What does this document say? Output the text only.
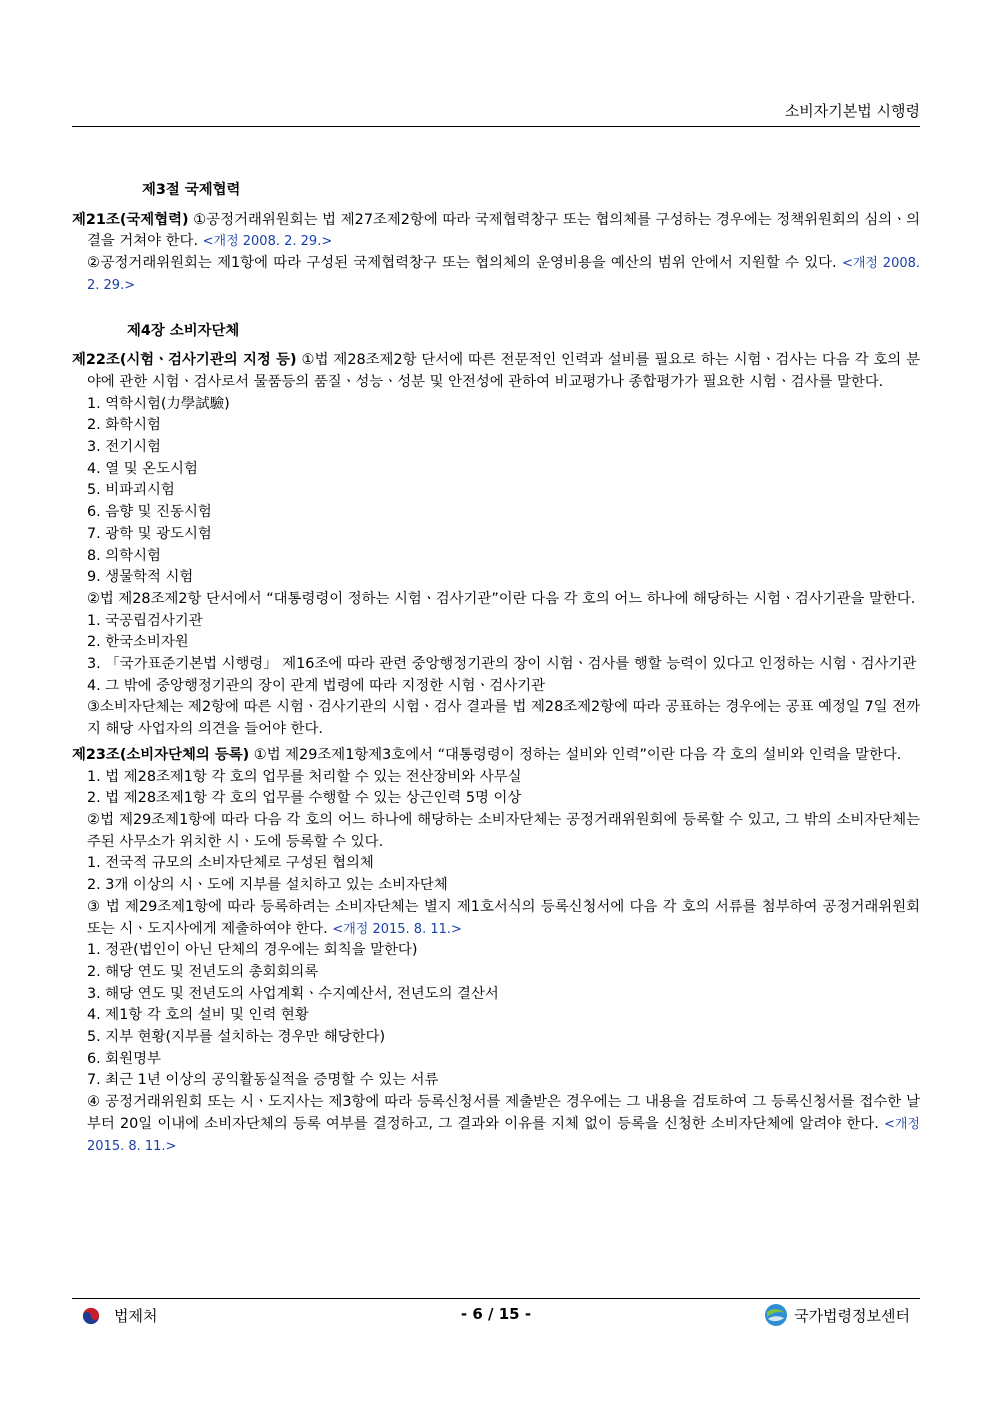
소비자기본법 시행령
제3절 국제협력
제21조(국제협력) ①공정거래위원회는 법 제27조제2항에 따라 국제협력창구 또는 협의체를 구성하는 경우에는 정책위원회의 심의ㆍ의결을 거쳐야 한다. <개정 2008. 2. 29.>
②공정거래위원회는 제1항에 따라 구성된 국제협력창구 또는 협의체의 운영비용을 예산의 범위 안에서 지원할 수 있다. <개정 2008. 2. 29.>
제4장 소비자단체
제22조(시험ㆍ검사기관의 지정 등) ①법 제28조제2항 단서에 따른 전문적인 인력과 설비를 필요로 하는 시험ㆍ검사는 다음 각 호의 분야에 관한 시험ㆍ검사로서 물품등의 품질ㆍ성능ㆍ성분 및 안전성에 관하여 비교평가나 종합평가가 필요한 시험ㆍ검사를 말한다.
1. 역학시험(力學試驗)
2. 화학시험
3. 전기시험
4. 열 및 온도시험
5. 비파괴시험
6. 음향 및 진동시험
7. 광학 및 광도시험
8. 의학시험
9. 생물학적 시험
②법 제28조제2항 단서에서 “대통령령이 정하는 시험ㆍ검사기관”이란 다음 각 호의 어느 하나에 해당하는 시험ㆍ검사기관을 말한다.
1. 국공립검사기관
2. 한국소비자원
3. 「국가표준기본법 시행령」 제16조에 따라 관련 중앙행정기관의 장이 시험ㆍ검사를 행할 능력이 있다고 인정하는 시험ㆍ검사기관
4. 그 밖에 중앙행정기관의 장이 관계 법령에 따라 지정한 시험ㆍ검사기관
③소비자단체는 제2항에 따른 시험ㆍ검사기관의 시험ㆍ검사 결과를 법 제28조제2항에 따라 공표하는 경우에는 공표 예정일 7일 전까지 해당 사업자의 의견을 들어야 한다.
제23조(소비자단체의 등록) ①법 제29조제1항제3호에서 “대통령령이 정하는 설비와 인력”이란 다음 각 호의 설비와 인력을 말한다.
1. 법 제28조제1항 각 호의 업무를 처리할 수 있는 전산장비와 사무실
2. 법 제28조제1항 각 호의 업무를 수행할 수 있는 상근인력 5명 이상
②법 제29조제1항에 따라 다음 각 호의 어느 하나에 해당하는 소비자단체는 공정거래위원회에 등록할 수 있고, 그 밖의 소비자단체는 주된 사무소가 위치한 시ㆍ도에 등록할 수 있다.
1. 전국적 규모의 소비자단체로 구성된 협의체
2. 3개 이상의 시ㆍ도에 지부를 설치하고 있는 소비자단체
③ 법 제29조제1항에 따라 등록하려는 소비자단체는 별지 제1호서식의 등록신청서에 다음 각 호의 서류를 첨부하여 공정거래위원회 또는 시ㆍ도지사에게 제출하여야 한다. <개정 2015. 8. 11.>
1. 정관(법인이 아닌 단체의 경우에는 회칙을 말한다)
2. 해당 연도 및 전년도의 총회회의록
3. 해당 연도 및 전년도의 사업계획ㆍ수지예산서, 전년도의 결산서
4. 제1항 각 호의 설비 및 인력 현황
5. 지부 현황(지부를 설치하는 경우만 해당한다)
6. 회원명부
7. 최근 1년 이상의 공익활동실적을 증명할 수 있는 서류
④ 공정거래위원회 또는 시ㆍ도지사는 제3항에 따라 등록신청서를 제출받은 경우에는 그 내용을 검토하여 그 등록신청서를 접수한 날부터 20일 이내에 소비자단체의 등록 여부를 결정하고, 그 결과와 이유를 지체 없이 등록을 신청한 소비자단체에 알려야 한다. <개정 2015. 8. 11.>
법제처	- 6 / 15 -	국가법령정보센터
